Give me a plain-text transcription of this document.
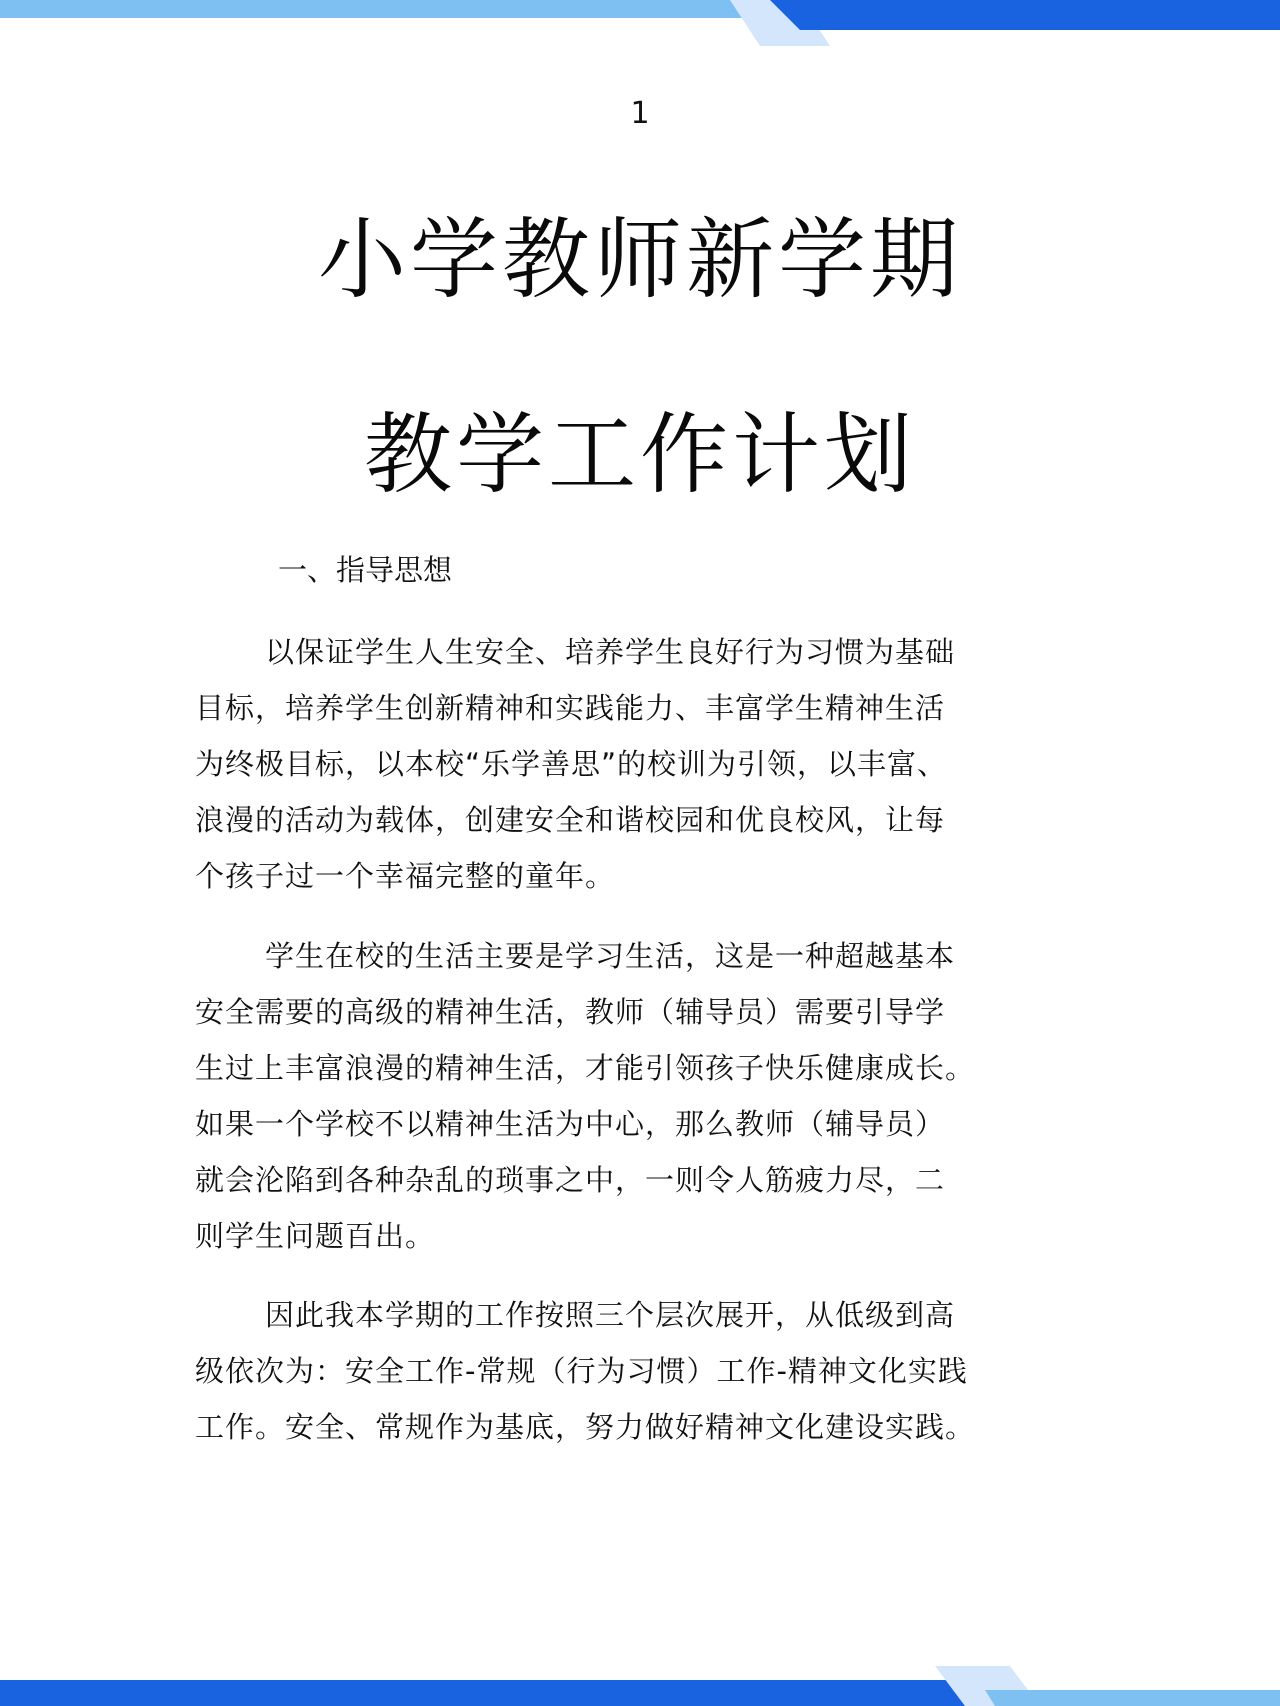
1
小学教师新学期
教学工作计划
一、指导思想
以保证学生人生安全、培养学生良好行为习惯为基础
目标，培养学生创新精神和实践能力、丰富学生精神生活
为终极目标，以本校“乐学善思”的校训为引领，以丰富、
浪漫的活动为载体，创建安全和谐校园和优良校风，让每
个孩子过一个幸福完整的童年。
学生在校的生活主要是学习生活，这是一种超越基本
安全需要的高级的精神生活，教师（辅导员）需要引导学
生过上丰富浪漫的精神生活，才能引领孩子快乐健康成长。
如果一个学校不以精神生活为中心，那么教师（辅导员）
就会沦陷到各种杂乱的琐事之中，一则令人筋疲力尽，二
则学生问题百出。
因此我本学期的工作按照三个层次展开，从低级到高
级依次为：安全工作-常规（行为习惯）工作-精神文化实践
工作。安全、常规作为基底，努力做好精神文化建设实践。
